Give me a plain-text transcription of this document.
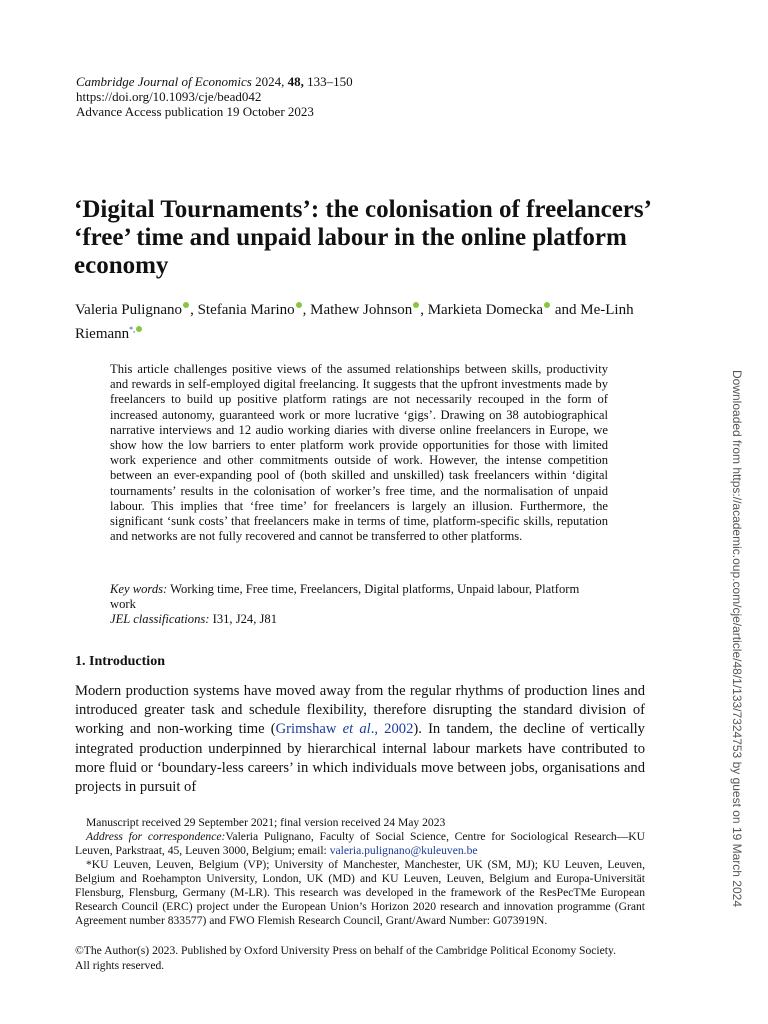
Cambridge Journal of Economics 2024, 48, 133–150
https://doi.org/10.1093/cje/bead042
Advance Access publication 19 October 2023
‘Digital Tournaments’: the colonisation of freelancers’ ‘free’ time and unpaid labour in the online platform economy
Valeria Pulignano , Stefania Marino , Mathew Johnson , Markieta Domecka and Me-Linh Riemann*,

This article challenges positive views of the assumed relationships between skills, productivity and rewards in self-employed digital freelancing. It suggests that the upfront investments made by freelancers to build up positive platform ratings are not necessarily recouped in the form of increased autonomy, guaranteed work or more lucrative ‘gigs’. Drawing on 38 autobiographical narrative interviews and 12 audio working diaries with diverse online freelancers in Europe, we show how the low barriers to enter platform work provide opportunities for those with limited work experience and other commitments outside of work. However, the intense competition between an ever-expanding pool of (both skilled and unskilled) task freelancers within ‘digital tournaments’ results in the colonisation of worker’s free time, and the normalisation of unpaid labour. This implies that ‘free time’ for freelancers is largely an illusion. Furthermore, the significant ‘sunk costs’ that freelancers make in terms of time, platform-specific skills, reputation and networks are not fully recovered and cannot be transferred to other platforms.

Key words: Working time, Free time, Freelancers, Digital platforms, Unpaid labour, Platform work
JEL classifications: I31, J24, J81
1. Introduction

Modern production systems have moved away from the regular rhythms of production lines and introduced greater task and schedule flexibility, therefore disrupting the standard division of working and non-working time (Grimshaw et al., 2002). In tandem, the decline of vertically integrated production underpinned by hierarchical internal labour markets have contributed to more fluid or ‘boundary-less careers’ in which individuals move between jobs, organisations and projects in pursuit of

Manuscript received 29 September 2021; final version received 24 May 2023

Address for correspondence:Valeria Pulignano, Faculty of Social Science, Centre for Sociological Research—KU Leuven, Parkstraat, 45, Leuven 3000, Belgium; email: valeria.pulignano@kuleuven.be

*KU Leuven, Leuven, Belgium (VP); University of Manchester, Manchester, UK (SM, MJ); KU Leuven, Leuven, Belgium and Roehampton University, London, UK (MD) and KU Leuven, Leuven, Belgium and Europa-Universität Flensburg, Flensburg, Germany (M-LR). This research was developed in the framework of the ResPecTMe European Research Council (ERC) project under the European Union’s Horizon 2020 research and innovation programme (Grant Agreement number 833577) and FWO Flemish Research Council, Grant/Award Number: G073919N.

©The Author(s) 2023. Published by Oxford University Press on behalf of the Cambridge Political Economy Society.

All rights reserved.

Downloaded from https://academic.oup.com/cje/article/48/1/133/7324753 by guest on 19 March 2024
